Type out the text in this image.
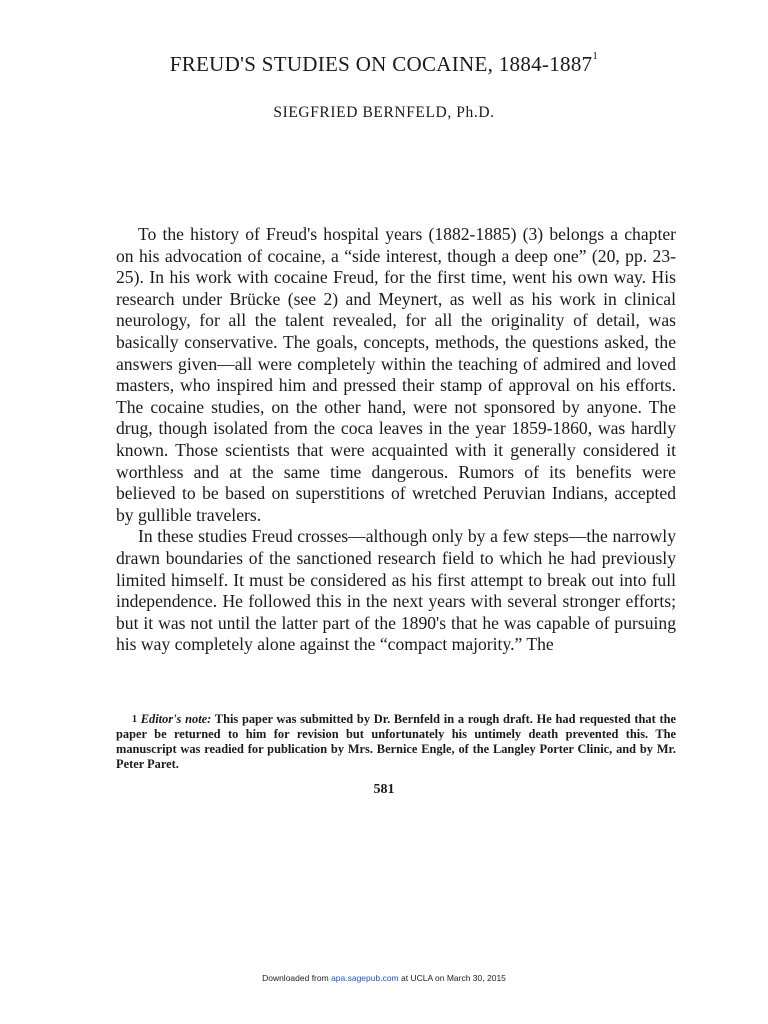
FREUD'S STUDIES ON COCAINE, 1884-1887$^1$
SIEGFRIED BERNFELD, Ph.D.

To the history of Freud's hospital years (1882-1885) (3) belongs a chapter on his advocation of cocaine, a “side interest, though a deep one” (20, pp. 23-25). In his work with cocaine Freud, for the first time, went his own way. His research under Brücke (see 2) and Meynert, as well as his work in clinical neurology, for all the talent revealed, for all the originality of detail, was basically conservative. The goals, concepts, methods, the questions asked, the answers given—all were completely within the teaching of admired and loved masters, who inspired him and pressed their stamp of approval on his efforts. The cocaine studies, on the other hand, were not sponsored by anyone. The drug, though isolated from the coca leaves in the year 1859-1860, was hardly known. Those scientists that were acquainted with it generally considered it worthless and at the same time dangerous. Rumors of its benefits were believed to be based on superstitions of wretched Peruvian Indians, accepted by gullible travelers.

In these studies Freud crosses—although only by a few steps—the narrowly drawn boundaries of the sanctioned research field to which he had previously limited himself. It must be considered as his first attempt to break out into full independence. He followed this in the next years with several stronger efforts; but it was not until the latter part of the 1890's that he was capable of pursuing his way completely alone against the “compact majority.” The

$^1$ Editor's note: This paper was submitted by Dr. Bernfeld in a rough draft. He had requested that the paper be returned to him for revision but unfortunately his untimely death prevented this. The manuscript was readied for publication by Mrs. Bernice Engle, of the Langley Porter Clinic, and by Mr. Peter Paret.
581
Downloaded from apa.sagepub.com at UCLA on March 30, 2015
